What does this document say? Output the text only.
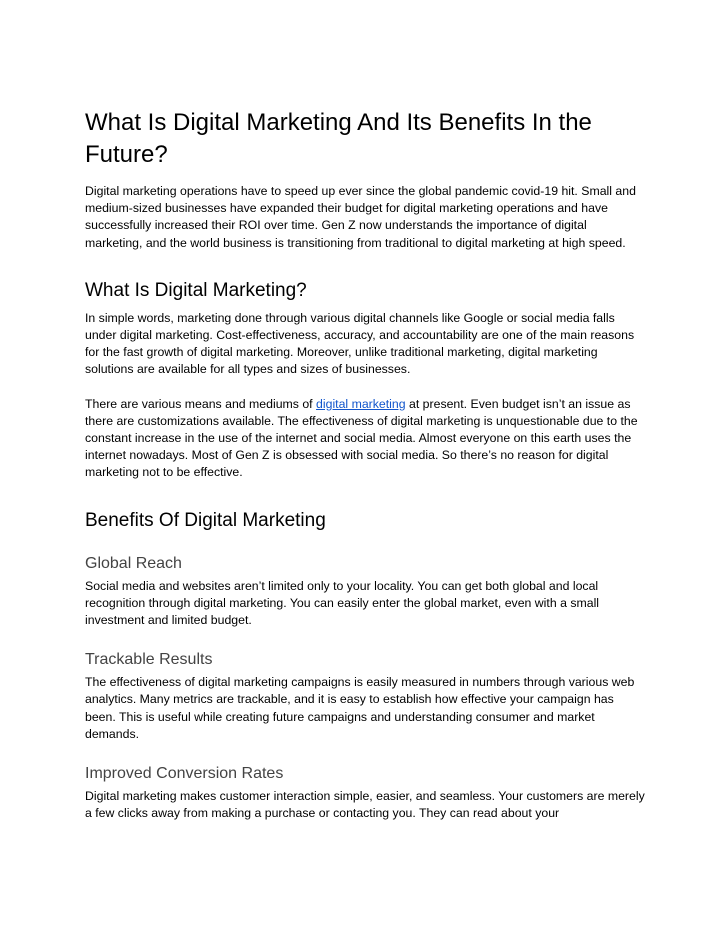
What Is Digital Marketing And Its Benefits In the Future?

Digital marketing operations have to speed up ever since the global pandemic covid-19 hit. Small and medium-sized businesses have expanded their budget for digital marketing operations and have successfully increased their ROI over time. Gen Z now understands the importance of digital marketing, and the world business is transitioning from traditional to digital marketing at high speed.

What Is Digital Marketing?

In simple words, marketing done through various digital channels like Google or social media falls under digital marketing. Cost-effectiveness, accuracy, and accountability are one of the main reasons for the fast growth of digital marketing. Moreover, unlike traditional marketing, digital marketing solutions are available for all types and sizes of businesses.

There are various means and mediums of digital marketing at present. Even budget isn’t an issue as there are customizations available. The effectiveness of digital marketing is unquestionable due to the constant increase in the use of the internet and social media. Almost everyone on this earth uses the internet nowadays. Most of Gen Z is obsessed with social media. So there’s no reason for digital marketing not to be effective.

Benefits Of Digital Marketing
Global Reach

Social media and websites aren’t limited only to your locality. You can get both global and local recognition through digital marketing. You can easily enter the global market, even with a small investment and limited budget.

Trackable Results

The effectiveness of digital marketing campaigns is easily measured in numbers through various web analytics. Many metrics are trackable, and it is easy to establish how effective your campaign has been. This is useful while creating future campaigns and understanding consumer and market demands.

Improved Conversion Rates

Digital marketing makes customer interaction simple, easier, and seamless. Your customers are merely a few clicks away from making a purchase or contacting you. They can read about your
